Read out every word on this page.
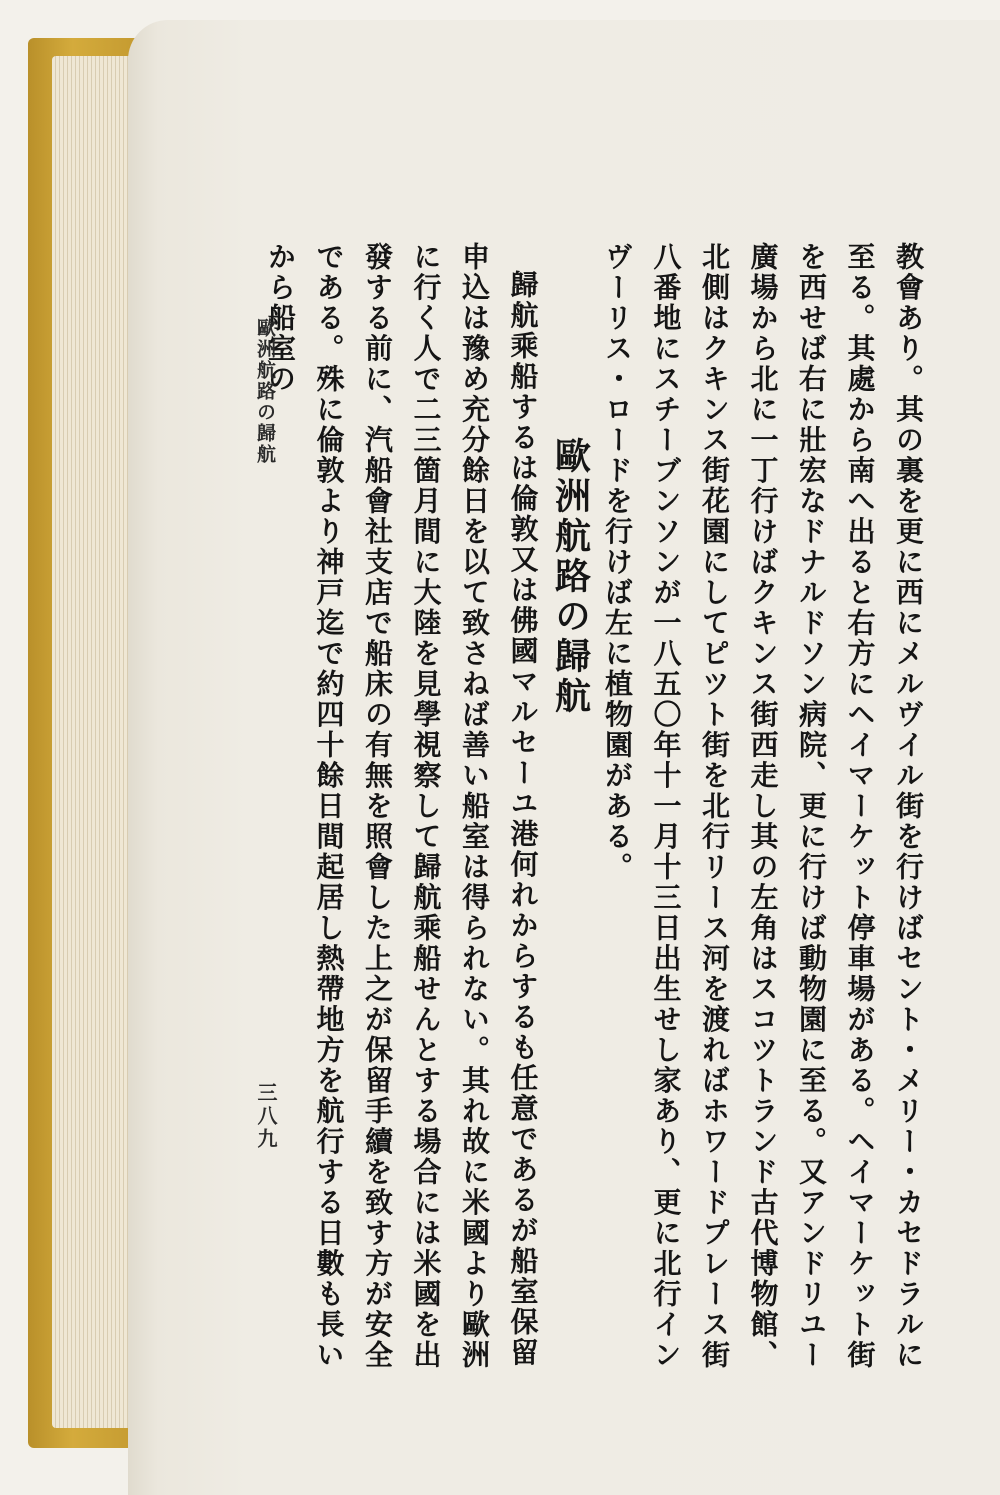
教會あり。其の裏を更に西にメルヴイル街を行けばセント・メリー・カセドラルに至る。其處から南へ出ると右方にヘイマーケット停車場がある。ヘイマーケット街を西せば右に壯宏なドナルドソン病院、更に行けば動物園に至る。又アンドリユー廣場から北に一丁行けばクキンス街西走し其の左角はスコツトランド古代博物館、北側はクキンス街花園にしてピツト街を北行リース河を渡ればホワードプレース街八番地にスチーブンソンが一八五〇年十一月十三日出生せし家あり、更に北行インヴーリス・ロードを行けば左に植物園がある。

歐洲航路の歸航

歸航乘船するは倫敦又は佛國マルセーユ港何れからするも任意であるが船室保留申込は豫め充分餘日を以て致さねば善い船室は得られない。其れ故に米國より歐洲に行く人で二三箇月間に大陸を見學視察して歸航乘船せんとする場合には米國を出發する前に、汽船會社支店で船床の有無を照會した上之が保留手續を致す方が安全である。殊に倫敦より神戸迄で約四十餘日間起居し熱帶地方を航行する日數も長いから船室の

歐洲航路の歸航
三八九
